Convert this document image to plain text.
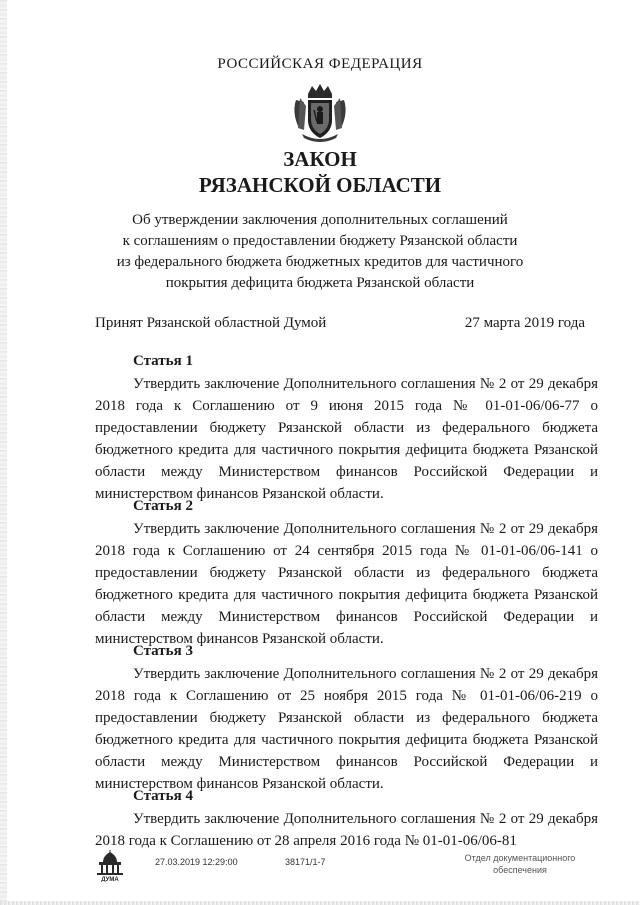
РОССИЙСКАЯ ФЕДЕРАЦИЯ
ЗАКОН
РЯЗАНСКОЙ ОБЛАСТИ
Об утверждении заключения дополнительных соглашений
к соглашениям о предоставлении бюджету Рязанской области
из федерального бюджета бюджетных кредитов для частичного
покрытия дефицита бюджета Рязанской области
Принят Рязанской областной Думой	27 марта 2019 года
Статья 1
Утвердить заключение Дополнительного соглашения № 2 от 29 декабря 2018 года к Соглашению от 9 июня 2015 года № 01-01-06/06-77 о предоставлении бюджету Рязанской области из федерального бюджета бюджетного кредита для частичного покрытия дефицита бюджета Рязанской области между Министерством финансов Российской Федерации и министерством финансов Рязанской области.
Статья 2
Утвердить заключение Дополнительного соглашения № 2 от 29 декабря 2018 года к Соглашению от 24 сентября 2015 года № 01-01-06/06-141 о предоставлении бюджету Рязанской области из федерального бюджета бюджетного кредита для частичного покрытия дефицита бюджета Рязанской области между Министерством финансов Российской Федерации и министерством финансов Рязанской области.
Статья 3
Утвердить заключение Дополнительного соглашения № 2 от 29 декабря 2018 года к Соглашению от 25 ноября 2015 года № 01-01-06/06-219 о предоставлении бюджету Рязанской области из федерального бюджета бюджетного кредита для частичного покрытия дефицита бюджета Рязанской области между Министерством финансов Российской Федерации и министерством финансов Рязанской области.
Статья 4
Утвердить заключение Дополнительного соглашения № 2 от 29 декабря 2018 года к Соглашению от 28 апреля 2016 года № 01-01-06/06-81
ДУМА
27.03.2019 12:29:00	38171/1-7	Отдел документационного
обеспечения
